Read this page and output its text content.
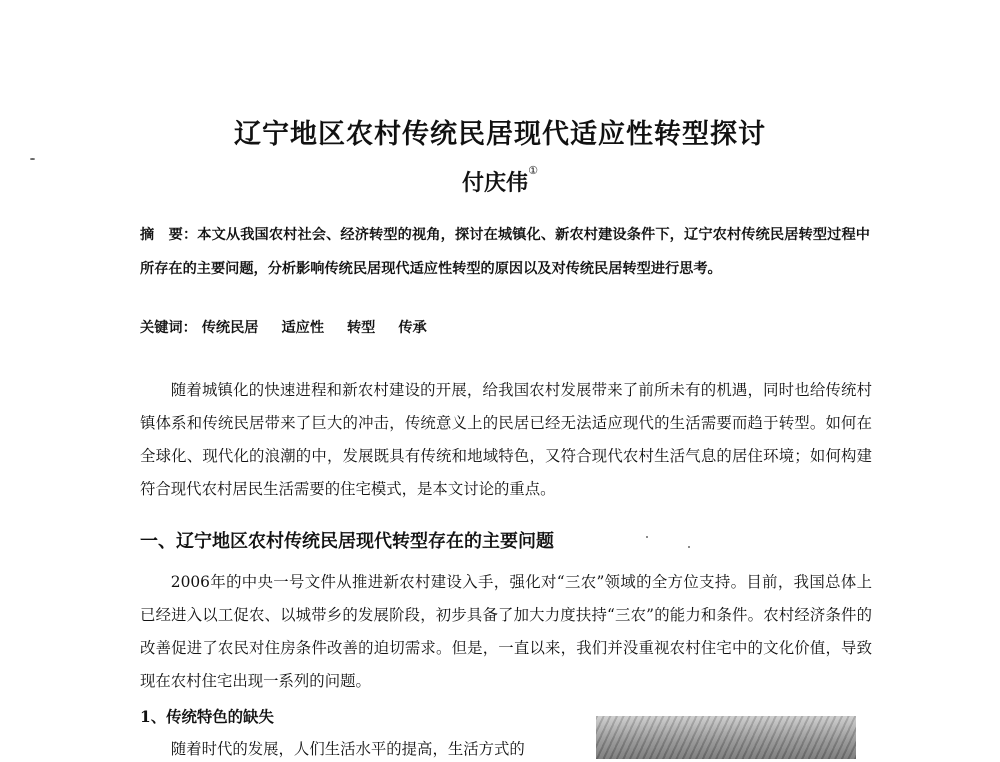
辽宁地区农村传统民居现代适应性转型探讨
付庆伟①
摘　要：本文从我国农村社会、经济转型的视角，探讨在城镇化、新农村建设条件下，辽宁农村传统民居转型过程中所存在的主要问题，分析影响传统民居现代适应性转型的原因以及对传统民居转型进行思考。
关键词： 传统民居 适应性 转型 传承
随着城镇化的快速进程和新农村建设的开展，给我国农村发展带来了前所未有的机遇，同时也给传统村镇体系和传统民居带来了巨大的冲击，传统意义上的民居已经无法适应现代的生活需要而趋于转型。如何在全球化、现代化的浪潮的中，发展既具有传统和地域特色，又符合现代农村生活气息的居住环境；如何构建符合现代农村居民生活需要的住宅模式，是本文讨论的重点。
一、辽宁地区农村传统民居现代转型存在的主要问题
2006年的中央一号文件从推进新农村建设入手，强化对“三农”领域的全方位支持。目前，我国总体上已经进入以工促农、以城带乡的发展阶段，初步具备了加大力度扶持“三农”的能力和条件。农村经济条件的改善促进了农民对住房条件改善的迫切需求。但是，一直以来，我们并没重视农村住宅中的文化价值，导致现在农村住宅出现一系列的问题。
1、传统特色的缺失
随着时代的发展，人们生活水平的提高，生活方式的
